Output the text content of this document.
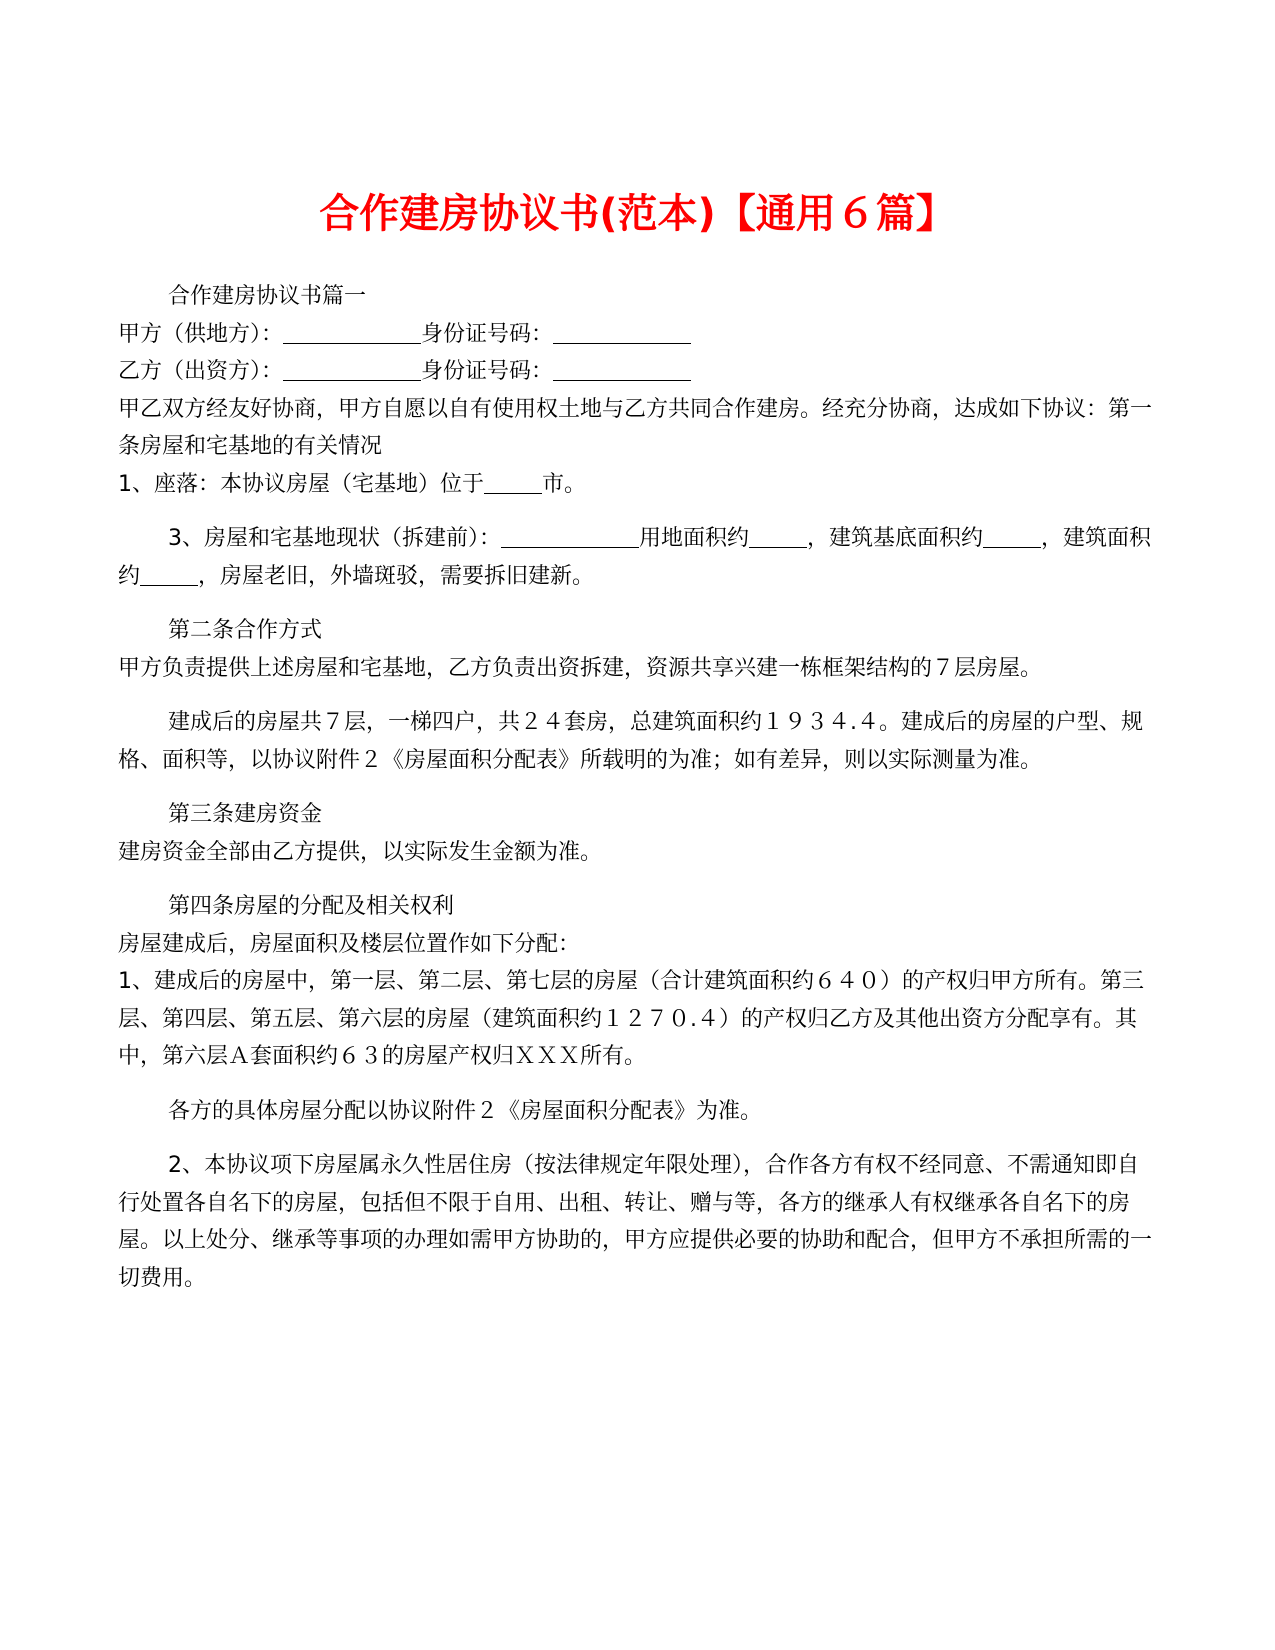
合作建房协议书(范本)【通用６篇】

合作建房协议书篇一

甲方（供地方）：	身份证号码：

乙方（出资方）：	身份证号码：

甲乙双方经友好协商，甲方自愿以自有使用权土地与乙方共同合作建房。经充分协商，达成如下协议：第一条房屋和宅基地的有关情况

1、座落：本协议房屋（宅基地）位于	市。

3、房屋和宅基地现状（拆建前）：	用地面积约	，建筑基底面积约	，建筑面积约	，房屋老旧，外墙斑驳，需要拆旧建新。

第二条合作方式

甲方负责提供上述房屋和宅基地，乙方负责出资拆建，资源共享兴建一栋框架结构的７层房屋。

建成后的房屋共７层，一梯四户，共２４套房，总建筑面积约１９３４.４。建成后的房屋的户型、规格、面积等，以协议附件２《房屋面积分配表》所载明的为准；如有差异，则以实际测量为准。

第三条建房资金

建房资金全部由乙方提供，以实际发生金额为准。

第四条房屋的分配及相关权利

房屋建成后，房屋面积及楼层位置作如下分配：

1、建成后的房屋中，第一层、第二层、第七层的房屋（合计建筑面积约６４０）的产权归甲方所有。第三层、第四层、第五层、第六层的房屋（建筑面积约１２７０.４）的产权归乙方及其他出资方分配享有。其中，第六层Ａ套面积约６３的房屋产权归ＸＸＸ所有。

各方的具体房屋分配以协议附件２《房屋面积分配表》为准。

2、本协议项下房屋属永久性居住房（按法律规定年限处理），合作各方有权不经同意、不需通知即自行处置各自名下的房屋，包括但不限于自用、出租、转让、赠与等，各方的继承人有权继承各自名下的房屋。以上处分、继承等事项的办理如需甲方协助的，甲方应提供必要的协助和配合，但甲方不承担所需的一切费用。
